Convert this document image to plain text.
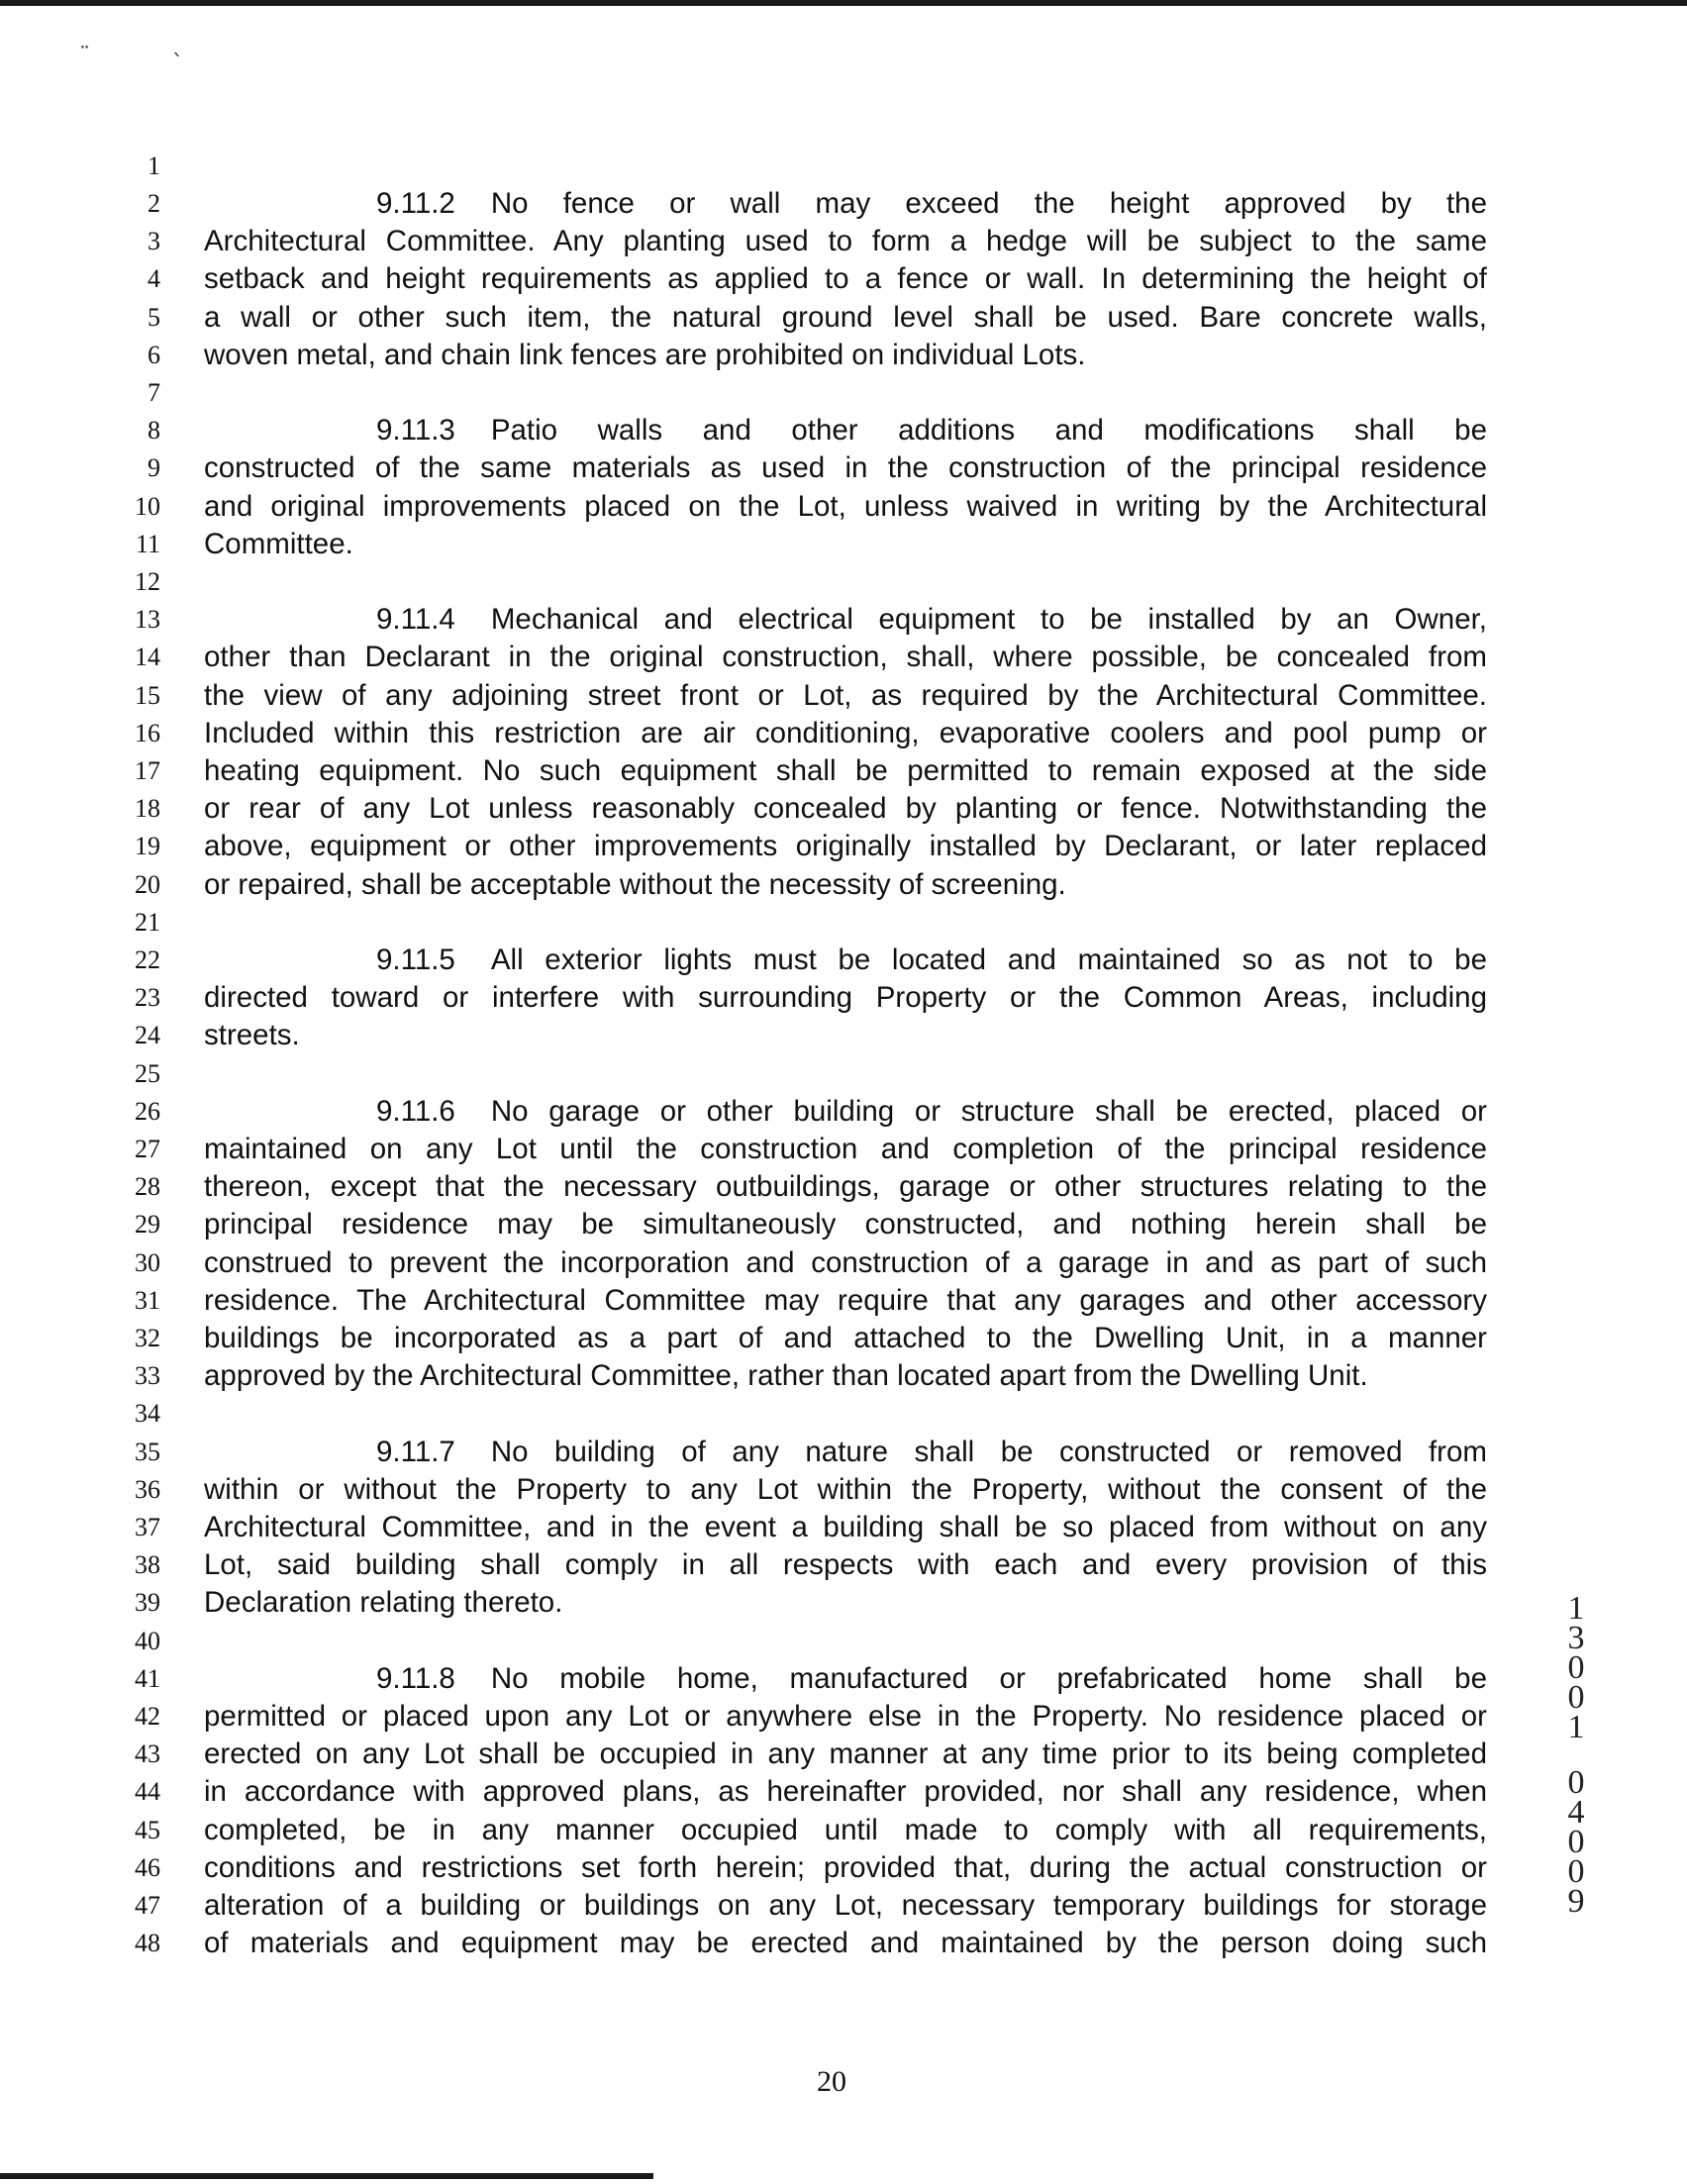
¨	ˋ
1
2
3
4
5
6
7
8
9
10
11
12
13
14
15
16
17
18
19
20
21
22
23
24
25
26
27
28
29
30
31
32
33
34
35
36
37
38
39
40
41
42
43
44
45
46
47
48
9.11.2 No fence or wall may exceed the height approved by the
Architectural Committee. Any planting used to form a hedge will be subject to the same
setback and height requirements as applied to a fence or wall. In determining the height of
a wall or other such item, the natural ground level shall be used. Bare concrete walls,
woven metal, and chain link fences are prohibited on individual Lots.
9.11.3 Patio walls and other additions and modifications shall be
constructed of the same materials as used in the construction of the principal residence
and original improvements placed on the Lot, unless waived in writing by the Architectural
Committee.
9.11.4 Mechanical and electrical equipment to be installed by an Owner,
other than Declarant in the original construction, shall, where possible, be concealed from
the view of any adjoining street front or Lot, as required by the Architectural Committee.
Included within this restriction are air conditioning, evaporative coolers and pool pump or
heating equipment. No such equipment shall be permitted to remain exposed at the side
or rear of any Lot unless reasonably concealed by planting or fence. Notwithstanding the
above, equipment or other improvements originally installed by Declarant, or later replaced
or repaired, shall be acceptable without the necessity of screening.
9.11.5 All exterior lights must be located and maintained so as not to be
directed toward or interfere with surrounding Property or the Common Areas, including
streets.
9.11.6 No garage or other building or structure shall be erected, placed or
maintained on any Lot until the construction and completion of the principal residence
thereon, except that the necessary outbuildings, garage or other structures relating to the
principal residence may be simultaneously constructed, and nothing herein shall be
construed to prevent the incorporation and construction of a garage in and as part of such
residence. The Architectural Committee may require that any garages and other accessory
buildings be incorporated as a part of and attached to the Dwelling Unit, in a manner
approved by the Architectural Committee, rather than located apart from the Dwelling Unit.
9.11.7 No building of any nature shall be constructed or removed from
within or without the Property to any Lot within the Property, without the consent of the
Architectural Committee, and in the event a building shall be so placed from without on any
Lot, said building shall comply in all respects with each and every provision of this
Declaration relating thereto.
9.11.8 No mobile home, manufactured or prefabricated home shall be
permitted or placed upon any Lot or anywhere else in the Property. No residence placed or
erected on any Lot shall be occupied in any manner at any time prior to its being completed
in accordance with approved plans, as hereinafter provided, nor shall any residence, when
completed, be in any manner occupied until made to comply with all requirements,
conditions and restrictions set forth herein; provided that, during the actual construction or
alteration of a building or buildings on any Lot, necessary temporary buildings for storage
of materials and equipment may be erected and maintained by the person doing such
20
1
3
0
0
1
0
4
0
0
9
